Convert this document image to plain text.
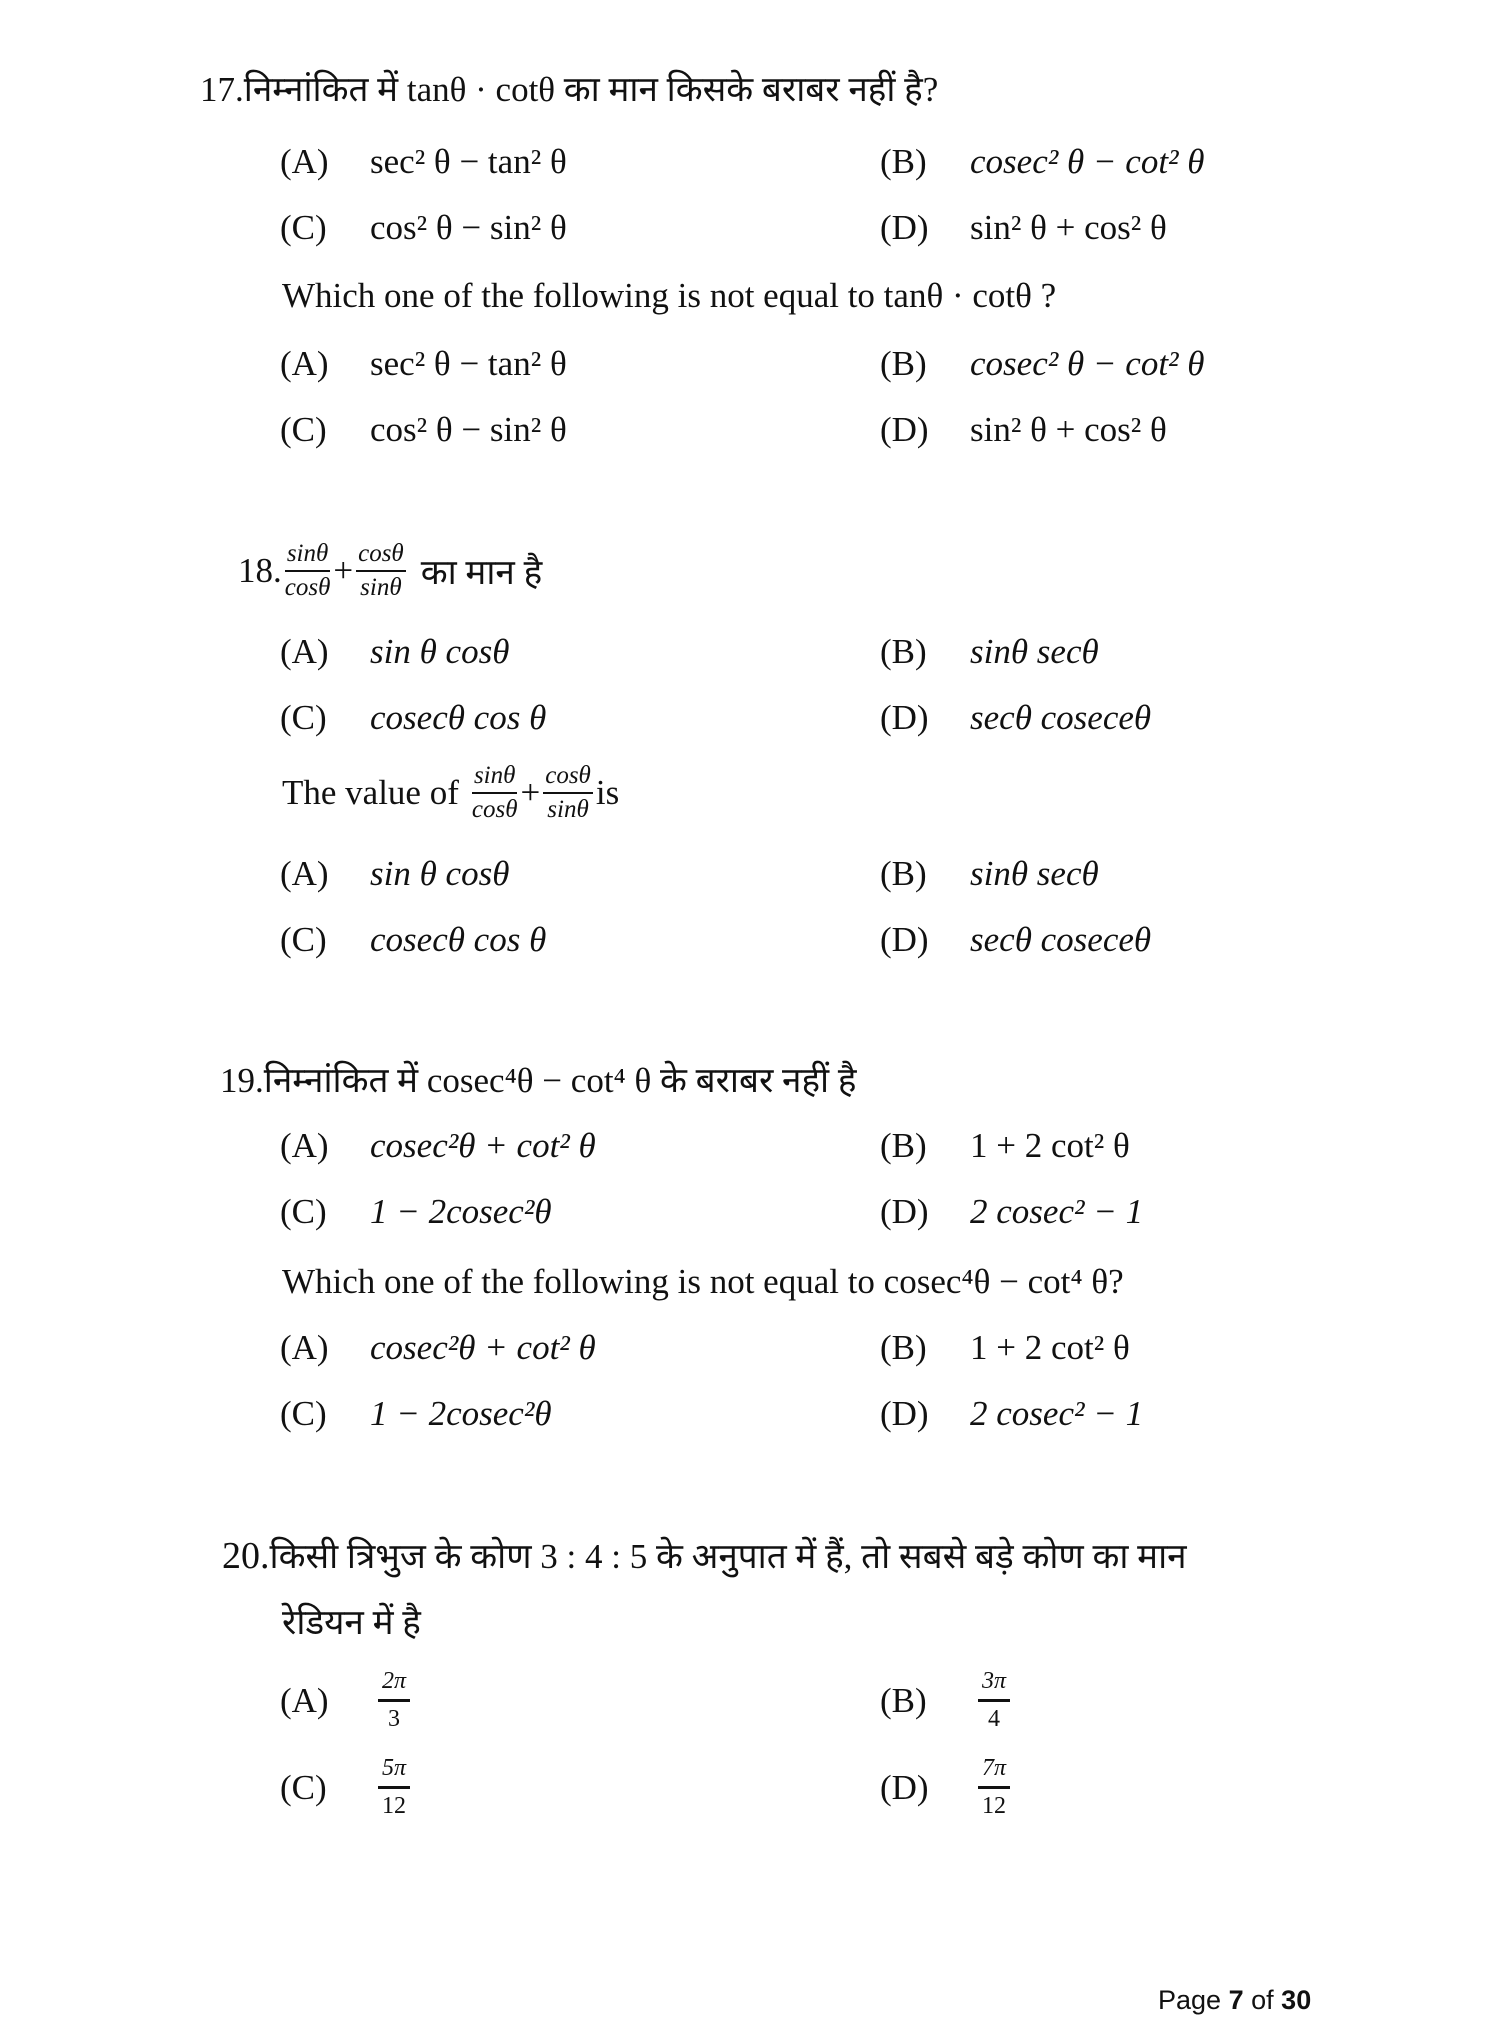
17.निम्नांकित में tanθ · cotθ का मान किसके बराबर नहीं है?
(A) sec² θ − tan² θ	(B) cosec² θ − cot² θ
(C) cos² θ − sin² θ	(D) sin² θ + cos² θ
Which one of the following is not equal to tanθ · cotθ ?
(A) sec² θ − tan² θ	(B) cosec² θ − cot² θ
(C) cos² θ − sin² θ	(D) sin² θ + cos² θ
18. $\frac{\sin\theta}{\cos\theta} + \frac{\cos\theta}{\sin\theta}$ का मान है
(A) sin θ cosθ	(B) sinθ secθ
(C) cosecθ cos θ	(D) secθ coseceθ
The value of $\frac{\sin\theta}{\cos\theta} + \frac{\cos\theta}{\sin\theta}$ is
(A) sin θ cosθ	(B) sinθ secθ
(C) cosecθ cos θ	(D) secθ coseceθ
19.निम्नांकित में cosec⁴θ − cot⁴ θ के बराबर नहीं है
(A) cosec²θ + cot² θ	(B) 1 + 2 cot² θ
(C) 1 − 2cosec²θ	(D) 2 cosec² − 1
Which one of the following is not equal to cosec⁴θ − cot⁴ θ?
(A) cosec²θ + cot² θ	(B) 1 + 2 cot² θ
(C) 1 − 2cosec²θ	(D) 2 cosec² − 1
20.किसी त्रिभुज के कोण 3 : 4 : 5 के अनुपात में हैं, तो सबसे बड़े कोण का मान
रेडियन में है
(A)	$\frac{2\pi}{3}$	(B)	$\frac{3\pi}{4}$
(C)	$\frac{5\pi}{12}$	(D)	$\frac{7\pi}{12}$
Page 7 of 30
